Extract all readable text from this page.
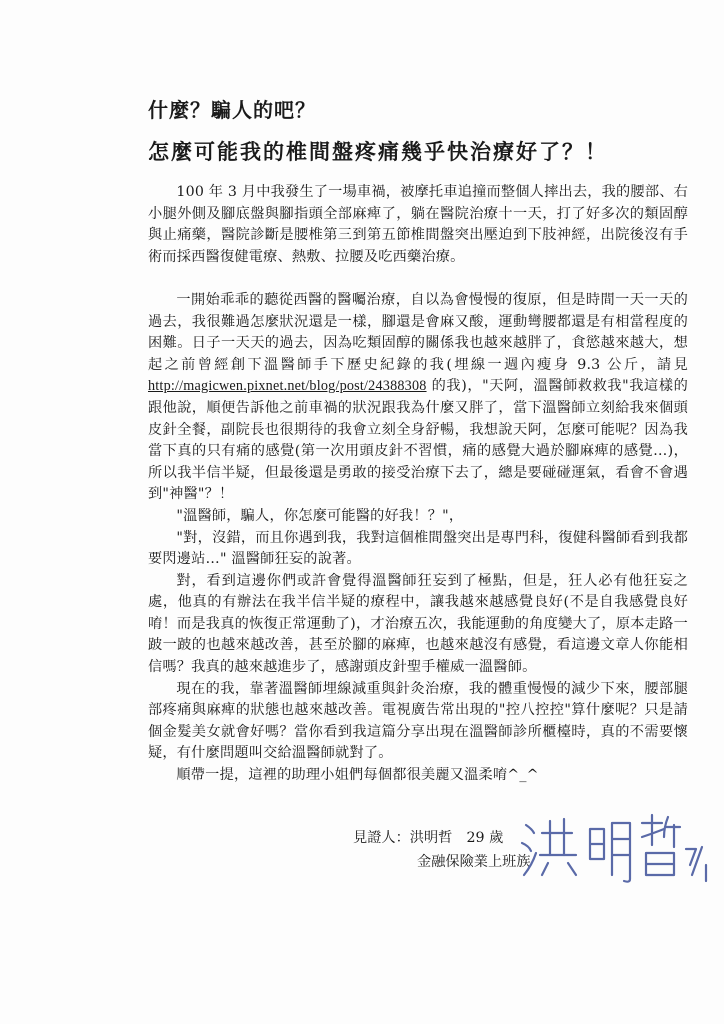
什麼？騙人的吧？
怎麼可能我的椎間盤疼痛幾乎快治療好了？！

100 年 3 月中我發生了一場車禍，被摩托車追撞而整個人摔出去，我的腰部、右小腿外側及腳底盤與腳指頭全部麻痺了，躺在醫院治療十一天，打了好多次的類固醇與止痛藥，醫院診斷是腰椎第三到第五節椎間盤突出壓迫到下肢神經，出院後沒有手術而採西醫復健電療、熱敷、拉腰及吃西藥治療。

一開始乖乖的聽從西醫的醫囑治療，自以為會慢慢的復原，但是時間一天一天的過去，我很難過怎麼狀況還是一樣，腳還是會麻又酸，運動彎腰都還是有相當程度的困難。日子一天天的過去，因為吃類固醇的關係我也越來越胖了，食慾越來越大，想起之前曾經創下溫醫師手下歷史紀錄的我(埋線一週內瘦身 9.3 公斤，請見 http://magicwen.pixnet.net/blog/post/24388308 的我)，"天阿，溫醫師救救我"我這樣的跟他說，順便告訴他之前車禍的狀況跟我為什麼又胖了，當下溫醫師立刻給我來個頭皮針全餐，副院長也很期待的我會立刻全身舒暢，我想說天阿，怎麼可能呢？因為我當下真的只有痛的感覺(第一次用頭皮針不習慣，痛的感覺大過於腳麻痺的感覺…)，所以我半信半疑，但最後還是勇敢的接受治療下去了，總是要碰碰運氣，看會不會遇到"神醫"？！

"溫醫師，騙人，你怎麼可能醫的好我！？"，

"對，沒錯，而且你遇到我，我對這個椎間盤突出是專門科，復健科醫師看到我都要閃邊站…" 溫醫師狂妄的說著。

對，看到這邊你們或許會覺得溫醫師狂妄到了極點，但是，狂人必有他狂妄之處，他真的有辦法在我半信半疑的療程中，讓我越來越感覺良好(不是自我感覺良好唷！而是我真的恢復正常運動了)，才治療五次，我能運動的角度變大了，原本走路一跛一跛的也越來越改善，甚至於腳的麻痺，也越來越沒有感覺，看這邊文章人你能相信嗎？我真的越來越進步了，感謝頭皮針聖手權威一溫醫師。

現在的我，靠著溫醫師埋線減重與針灸治療，我的體重慢慢的減少下來，腰部腿部疼痛與麻痺的狀態也越來越改善。電視廣告常出現的"控八控控"算什麼呢？只是請個金髮美女就會好嗎？當你看到我這篇分享出現在溫醫師診所櫃檯時，真的不需要懷疑，有什麼問題叫交給溫醫師就對了。

順帶一提，這裡的助理小姐們每個都很美麗又溫柔唷^_^

見證人：洪明哲　29 歲
金融保險業上班族
